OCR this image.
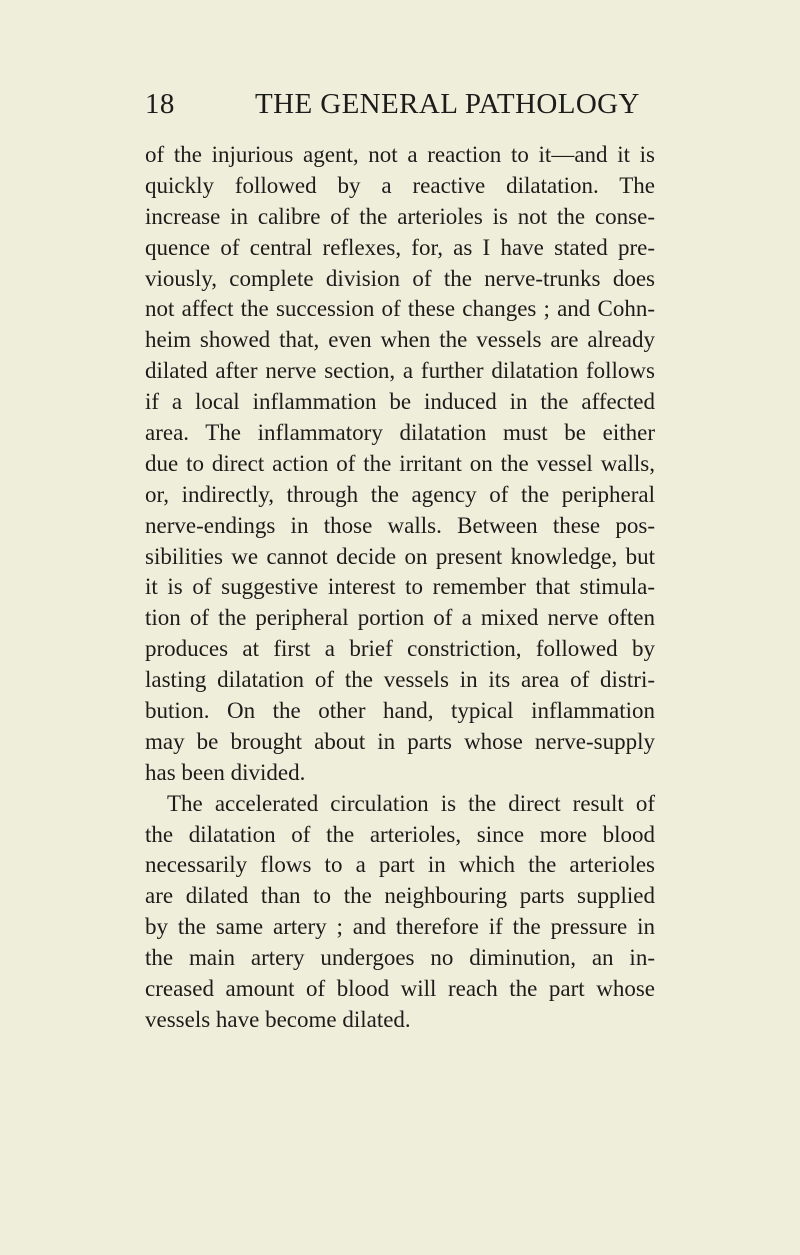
18	THE GENERAL PATHOLOGY
of the injurious agent, not a reaction to it—and it is
quickly followed by a reactive dilatation. The
increase in calibre of the arterioles is not the conse-
quence of central reflexes, for, as I have stated pre-
viously, complete division of the nerve-trunks does
not affect the succession of these changes ; and Cohn-
heim showed that, even when the vessels are already
dilated after nerve section, a further dilatation follows
if a local inflammation be induced in the affected
area. The inflammatory dilatation must be either
due to direct action of the irritant on the vessel walls,
or, indirectly, through the agency of the peripheral
nerve-endings in those walls. Between these pos-
sibilities we cannot decide on present knowledge, but
it is of suggestive interest to remember that stimula-
tion of the peripheral portion of a mixed nerve often
produces at first a brief constriction, followed by
lasting dilatation of the vessels in its area of distri-
bution. On the other hand, typical inflammation
may be brought about in parts whose nerve-supply
has been divided.
The accelerated circulation is the direct result of
the dilatation of the arterioles, since more blood
necessarily flows to a part in which the arterioles
are dilated than to the neighbouring parts supplied
by the same artery ; and therefore if the pressure in
the main artery undergoes no diminution, an in-
creased amount of blood will reach the part whose
vessels have become dilated.
